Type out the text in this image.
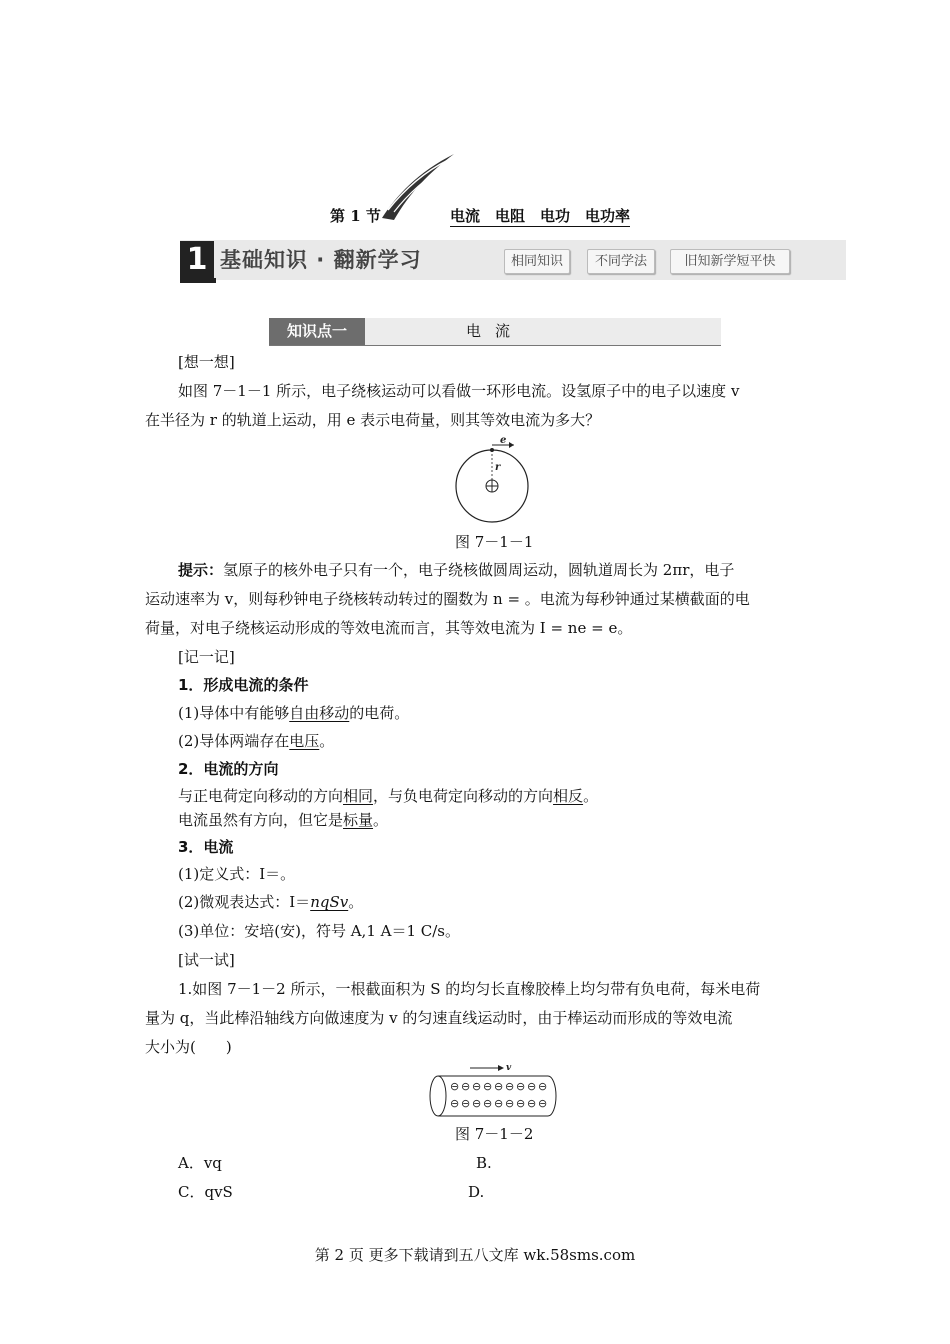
第 1 节	电流　电阻　电功　电功率
1 基础知识 · 翻新学习	相同知识	不同学法	旧知新学短平快
知识点一	电流
[想一想]
如图 7－1－1 所示，电子绕核运动可以看做一环形电流。设氢原子中的电子以速度 v
在半径为 r 的轨道上运动，用 e 表示电荷量，则其等效电流为多大？
e
r
图 7－1－1
提示：氢原子的核外电子只有一个，电子绕核做圆周运动，圆轨道周长为 2πr，电子
运动速率为 v，则每秒钟电子绕核转动转过的圈数为 n = 。电流为每秒钟通过某横截面的电
荷量，对电子绕核运动形成的等效电流而言，其等效电流为 I = ne = e。
[记一记]
1．形成电流的条件
(1)导体中有能够自由移动的电荷。
(2)导体两端存在电压。
2．电流的方向
与正电荷定向移动的方向相同，与负电荷定向移动的方向相反。
电流虽然有方向，但它是标量。
3．电流
(1)定义式：I＝。
(2)微观表达式：I＝nqSv。
(3)单位：安培(安)，符号 A,1 A＝1 C/s。
[试一试]
1.如图 7－1－2 所示，一根截面积为 S 的均匀长直橡胶棒上均匀带有负电荷，每米电荷
量为 q，当此棒沿轴线方向做速度为 v 的匀速直线运动时，由于棒运动而形成的等效电流
大小为(　　)
v
⊖ ⊖ ⊖ ⊖ ⊖ ⊖ ⊖ ⊖ ⊖
⊖ ⊖ ⊖ ⊖ ⊖ ⊖ ⊖ ⊖ ⊖
图 7－1－2
A．vq	B.
C．qvS	D.
第 2 页 更多下载请到五八文库 wk.58sms.com
